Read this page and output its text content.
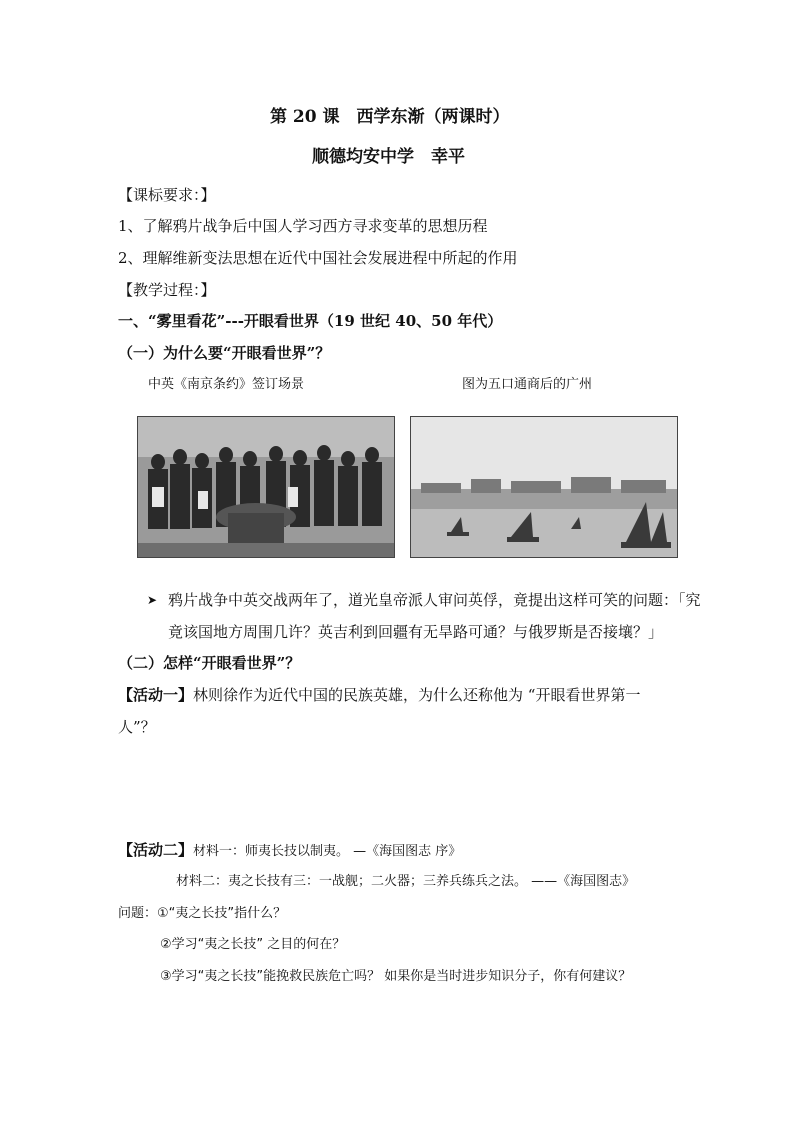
第 20 课　西学东渐（两课时）
顺德均安中学　幸平
【课标要求：】
1、了解鸦片战争后中国人学习西方寻求变革的思想历程
2、理解维新变法思想在近代中国社会发展进程中所起的作用
【教学过程：】
一、“雾里看花”---开眼看世界（19 世纪 40、50 年代）
（一）为什么要“开眼看世界”？
中英《南京条约》签订场景	图为五口通商后的广州
➤ 鸦片战争中英交战两年了，道光皇帝派人审问英俘，竟提出这样可笑的问题：「究
竟该国地方周围几许？英吉利到回疆有无旱路可通？与俄罗斯是否接壤？」
（二）怎样“开眼看世界”？
【活动一】林则徐作为近代中国的民族英雄，为什么还称他为 “开眼看世界第一
人”？
【活动二】材料一：师夷长技以制夷。 —《海国图志 序》
材料二：夷之长技有三：一战舰；二火器；三养兵练兵之法。 ——《海国图志》
问题：①“夷之长技”指什么？
②学习“夷之长技” 之目的何在？
③学习“夷之长技”能挽救民族危亡吗？ 如果你是当时进步知识分子，你有何建议？
